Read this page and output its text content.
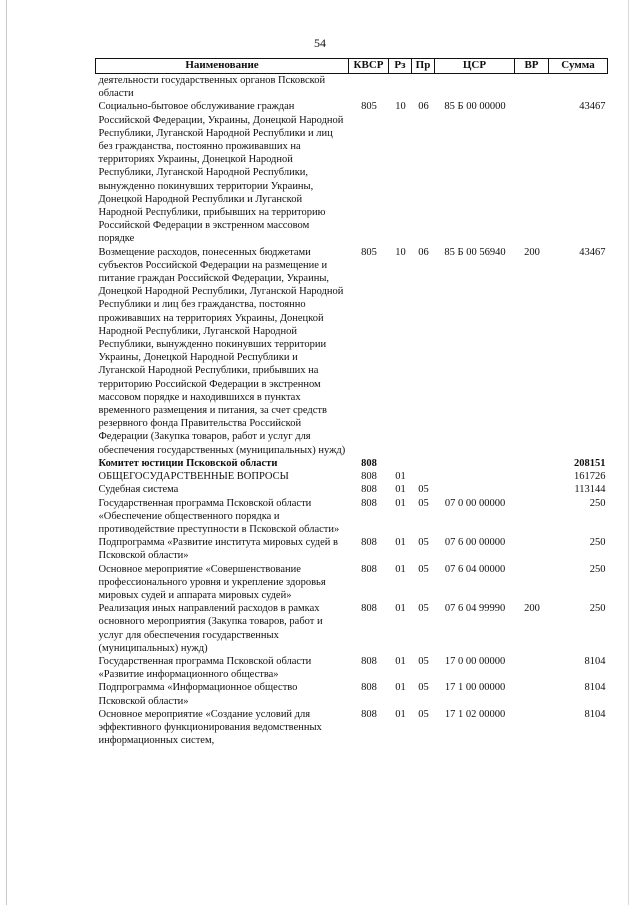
54
Наименование	КВСР	Рз	Пр	ЦСР	ВР	Сумма
деятельности государственных органов Псковской области						
Социально-бытовое обслуживание граждан Российской Федерации, Украины, Донецкой Народной Республики, Луганской Народной Республики и лиц без гражданства, постоянно проживавших на территориях Украины, Донецкой Народной Республики, Луганской Народной Республики, вынужденно покинувших территории Украины, Донецкой Народной Республики и Луганской Народной Республики, прибывших на территорию Российской Федерации в экстренном массовом порядке	805	10	06	85 Б 00 00000		43467
Возмещение расходов, понесенных бюджетами субъектов Российской Федерации на размещение и питание граждан Российской Федерации, Украины, Донецкой Народной Республики, Луганской Народной Республики и лиц без гражданства, постоянно проживавших на территориях Украины, Донецкой Народной Республики, Луганской Народной Республики, вынужденно покинувших территории Украины, Донецкой Народной Республики и Луганской Народной Республики, прибывших на территорию Российской Федерации в экстренном массовом порядке и находившихся в пунктах временного размещения и питания, за счет средств резервного фонда Правительства Российской Федерации (Закупка товаров, работ и услуг для обеспечения государственных (муниципальных) нужд)	805	10	06	85 Б 00 56940	200	43467
Комитет юстиции Псковской области	808					208151
ОБЩЕГОСУДАРСТВЕННЫЕ ВОПРОСЫ	808	01				161726
Судебная система	808	01	05			113144
Государственная программа Псковской области «Обеспечение общественного порядка и противодействие преступности в Псковской области»	808	01	05	07 0 00 00000		250
Подпрограмма «Развитие института мировых судей в Псковской области»	808	01	05	07 6 00 00000		250
Основное мероприятие «Совершенствование профессионального уровня и укрепление здоровья мировых судей и аппарата мировых судей»	808	01	05	07 6 04 00000		250
Реализация иных направлений расходов в рамках основного мероприятия (Закупка товаров, работ и услуг для обеспечения государственных (муниципальных) нужд)	808	01	05	07 6 04 99990	200	250
Государственная программа Псковской области «Развитие информационного общества»	808	01	05	17 0 00 00000		8104
Подпрограмма «Информационное общество Псковской области»	808	01	05	17 1 00 00000		8104
Основное мероприятие «Создание условий для эффективного функционирования ведомственных информационных систем,	808	01	05	17 1 02 00000		8104
